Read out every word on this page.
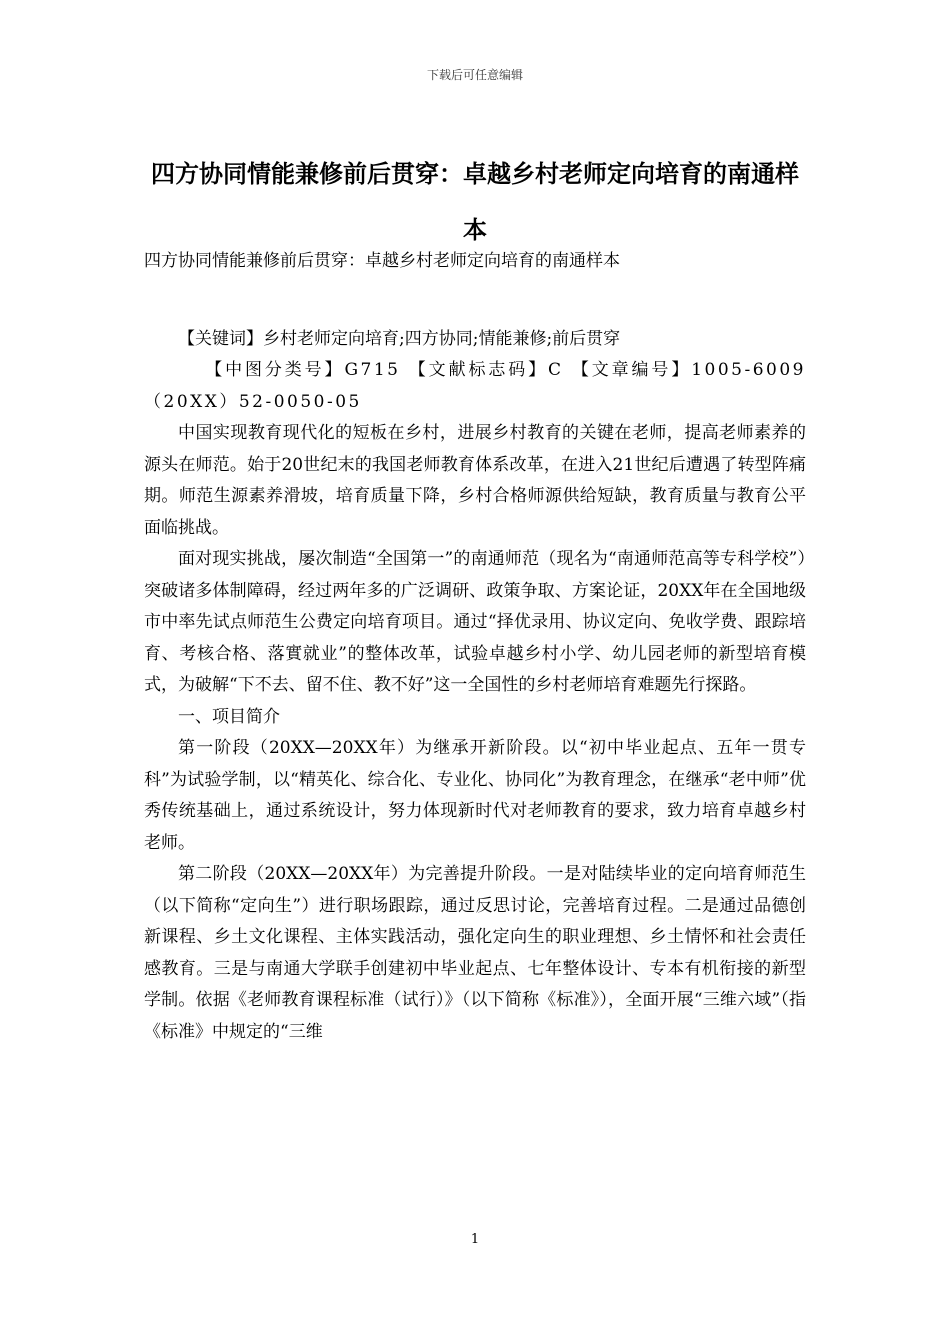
下载后可任意编辑
四方协同情能兼修前后贯穿：卓越乡村老师定向培育的南通样本

四方协同情能兼修前后贯穿：卓越乡村老师定向培育的南通样本

【关键词】乡村老师定向培育;四方协同;情能兼修;前后贯穿

【中图分类号】G715 【文献标志码】C 【文章编号】1005-6009（20XX）52-0050-05

中国实现教育现代化的短板在乡村，进展乡村教育的关键在老师，提高老师素养的源头在师范。始于20世纪末的我国老师教育体系改革，在进入21世纪后遭遇了转型阵痛期。师范生源素养滑坡，培育质量下降，乡村合格师源供给短缺，教育质量与教育公平面临挑战。

面对现实挑战，屡次制造“全国第一”的南通师范（现名为“南通师范高等专科学校”）突破诸多体制障碍，经过两年多的广泛调研、政策争取、方案论证，20XX年在全国地级市中率先试点师范生公费定向培育项目。通过“择优录用、协议定向、免收学费、跟踪培育、考核合格、落實就业”的整体改革，试验卓越乡村小学、幼儿园老师的新型培育模式，为破解“下不去、留不住、教不好”这一全国性的乡村老师培育难题先行探路。

一、项目简介

第一阶段（20XX—20XX年）为继承开新阶段。以“初中毕业起点、五年一贯专科”为试验学制，以“精英化、综合化、专业化、协同化”为教育理念，在继承“老中师”优秀传统基础上，通过系统设计，努力体现新时代对老师教育的要求，致力培育卓越乡村老师。

第二阶段（20XX—20XX年）为完善提升阶段。一是对陆续毕业的定向培育师范生（以下简称“定向生”）进行职场跟踪，通过反思讨论，完善培育过程。二是通过品德创新课程、乡土文化课程、主体实践活动，强化定向生的职业理想、乡土情怀和社会责任感教育。三是与南通大学联手创建初中毕业起点、七年整体设计、专本有机衔接的新型学制。依据《老师教育课程标准（试行）》（以下简称《标准》），全面开展“三维六域”（指《标准》中规定的“三维

1
